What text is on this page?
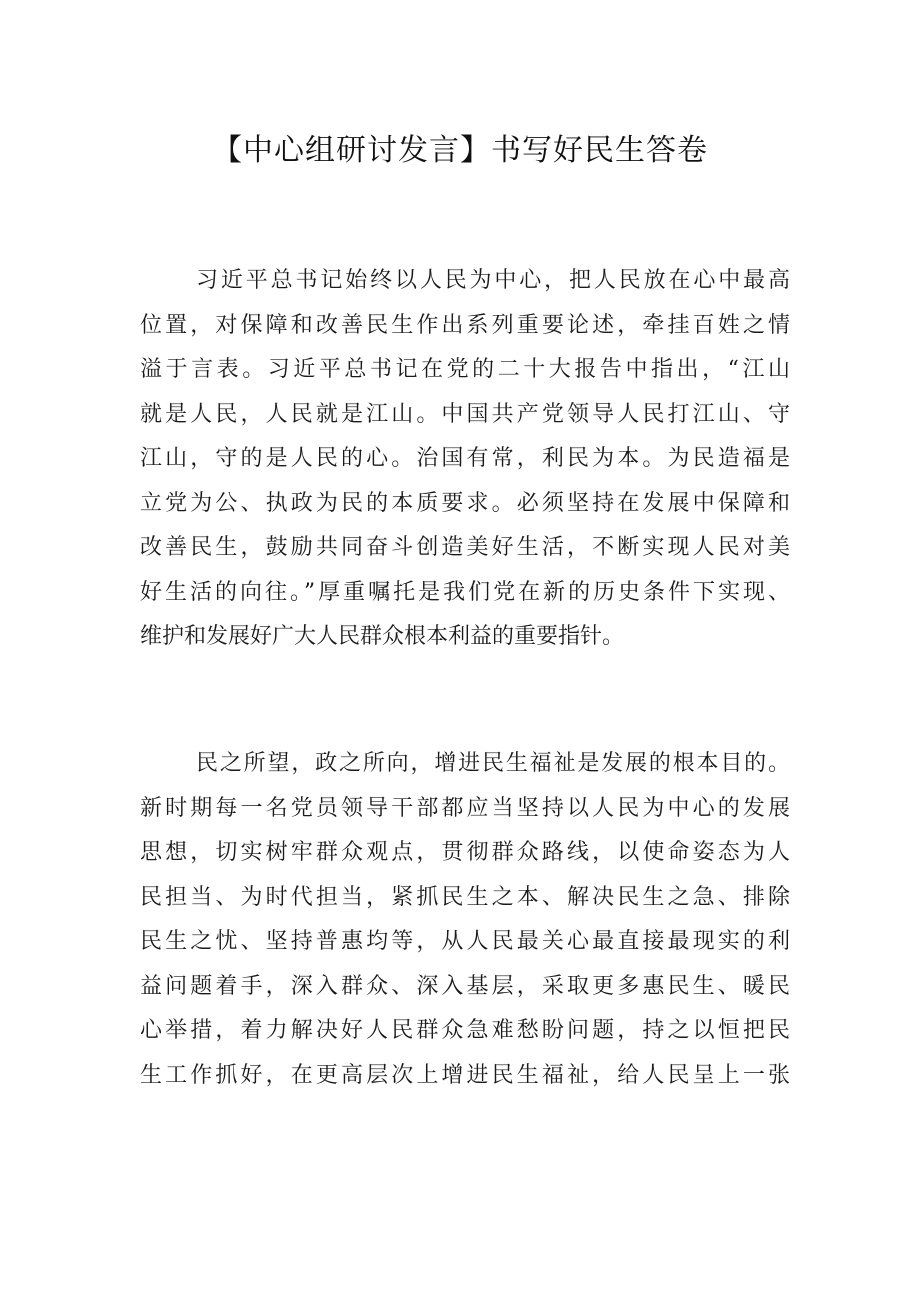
【中心组研讨发言】书写好民生答卷
习近平总书记始终以人民为中心，把人民放在心中最高
位置，对保障和改善民生作出系列重要论述，牵挂百姓之情
溢于言表。习近平总书记在党的二十大报告中指出，“江山
就是人民，人民就是江山。中国共产党领导人民打江山、守
江山，守的是人民的心。治国有常，利民为本。为民造福是
立党为公、执政为民的本质要求。必须坚持在发展中保障和
改善民生，鼓励共同奋斗创造美好生活，不断实现人民对美
好生活的向往。”厚重嘱托是我们党在新的历史条件下实现、
维护和发展好广大人民群众根本利益的重要指针。
民之所望，政之所向，增进民生福祉是发展的根本目的。
新时期每一名党员领导干部都应当坚持以人民为中心的发展
思想，切实树牢群众观点，贯彻群众路线，以使命姿态为人
民担当、为时代担当，紧抓民生之本、解决民生之急、排除
民生之忧、坚持普惠均等，从人民最关心最直接最现实的利
益问题着手，深入群众、深入基层，采取更多惠民生、暖民
心举措，着力解决好人民群众急难愁盼问题，持之以恒把民
生工作抓好，在更高层次上增进民生福祉，给人民呈上一张
